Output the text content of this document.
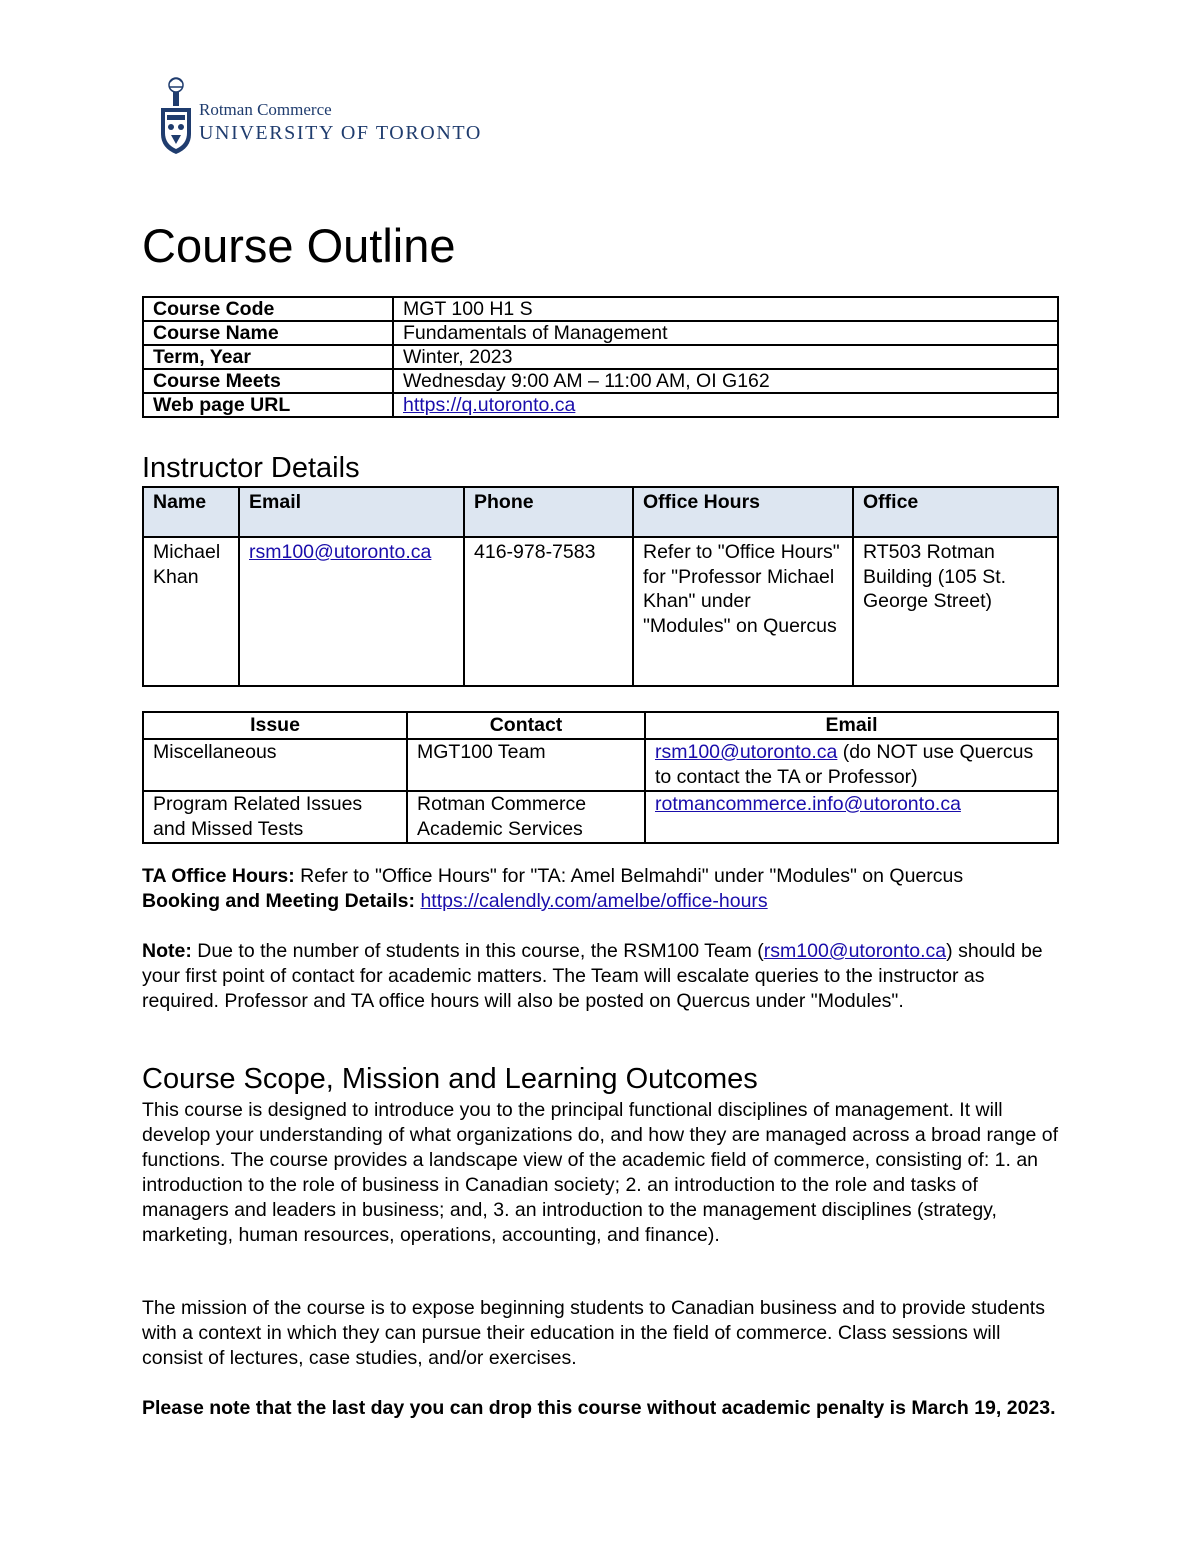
Rotman Commerce
UNIVERSITY OF TORONTO
Course Outline
Course Code	MGT 100 H1 S
Course Name	Fundamentals of Management
Term, Year	Winter, 2023
Course Meets	Wednesday 9:00 AM – 11:00 AM, OI G162
Web page URL	https://q.utoronto.ca
Instructor Details
Name	Email	Phone	Office Hours	Office
Michael Khan	rsm100@utoronto.ca	416-978-7583	Refer to "Office Hours" for "Professor Michael Khan" under "Modules" on Quercus	RT503 Rotman Building (105 St. George Street)
Issue	Contact	Email
Miscellaneous	MGT100 Team	rsm100@utoronto.ca (do NOT use Quercus to contact the TA or Professor)
Program Related Issues and Missed Tests	Rotman Commerce Academic Services	rotmancommerce.info@utoronto.ca

TA Office Hours: Refer to "Office Hours" for "TA: Amel Belmahdi" under "Modules" on Quercus
Booking and Meeting Details: https://calendly.com/amelbe/office-hours

Note: Due to the number of students in this course, the RSM100 Team (rsm100@utoronto.ca) should be your first point of contact for academic matters. The Team will escalate queries to the instructor as required. Professor and TA office hours will also be posted on Quercus under "Modules".

Course Scope, Mission and Learning Outcomes

This course is designed to introduce you to the principal functional disciplines of management. It will develop your understanding of what organizations do, and how they are managed across a broad range of functions. The course provides a landscape view of the academic field of commerce, consisting of: 1. an introduction to the role of business in Canadian society; 2. an introduction to the role and tasks of managers and leaders in business; and, 3. an introduction to the management disciplines (strategy, marketing, human resources, operations, accounting, and finance).

The mission of the course is to expose beginning students to Canadian business and to provide students with a context in which they can pursue their education in the field of commerce. Class sessions will consist of lectures, case studies, and/or exercises.

Please note that the last day you can drop this course without academic penalty is March 19, 2023.
